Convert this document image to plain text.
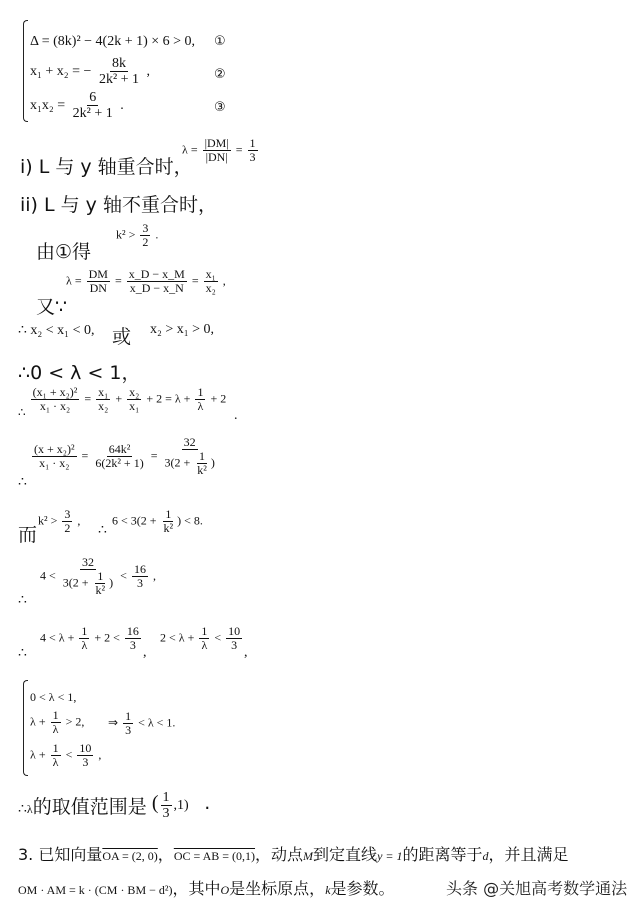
Δ = (8k)² − 4(2k + 1) × 6 > 0, ①
x₁ + x₂ = − $\frac{8k}{\text{2k² + 1}}$ ,	②
$x_1x_2 = \frac{6}{\text{2k² + 1}}$ .	③
i) L 与 y 轴重合时，
$\lambda = \frac{|DM|}{|DN|} = \frac{1}{3}$
ii) L 与 y 轴不重合时，
由①得
$k^2 > \frac{3}{2}$ .
又∵
$\lambda = \frac{DM}{DN} = \frac{x\_D - x\_M}{x\_D - x\_N} = \frac{\text{x₁}}{\text{x₂}}$ ,
∴ x₂ < x₁ < 0, 或 x₂ > x₁ > 0,
∴0 < λ < 1，
∴ $\frac{\text{(x₁ + x₂)²}}{\text{x₁ · x₂}} = \frac{\text{x₁}}{\text{x₂}} + \frac{\text{x₂}}{\text{x₁}} + 2 = \lambda + \frac{1}{\lambda} + 2$
.
$\frac{\text{(x + x₂)²}}{\text{x₁ · x₂}} = \frac{\text{64k²}}{\text{6(2k² + 1)}} = \frac{32}{3(2 + \frac{1}{\text{k²}} )}$
∴
而
$k^2 > \frac{3}{2}$ ,
∴
$6 < 3(2 + \frac{1}{\text{k²}}$ ) < 8.
$4 < \frac{32}{3(2 + \frac{1}{\text{k²}} )} < \frac{16}{3}$ ,
∴
$4 < \lambda + \frac{1}{\lambda} + 2 < \frac{16}{3}$
,
$2 < \lambda + \frac{1}{\lambda} < \frac{10}{3}$
,
∴
0 < λ < 1,
$\lambda + \frac{1}{\lambda} > 2$,
$\lambda + \frac{1}{\lambda} < \frac{10}{3}$ ,
⇒ $\frac{1}{3} < \lambda < 1$.
$\therefore_\lambda$的取值范围是 ( $\frac{1}{3} ,1$) .
3. 已知向量OA = (2, 0)，OC = AB = (0,1)，动点M到定直线y = 1的距离等于d，并且满足
OM · AM = k · (CM · BM − d²)，其中O是坐标原点，k是参数。	头条 @关旭高考数学通法
